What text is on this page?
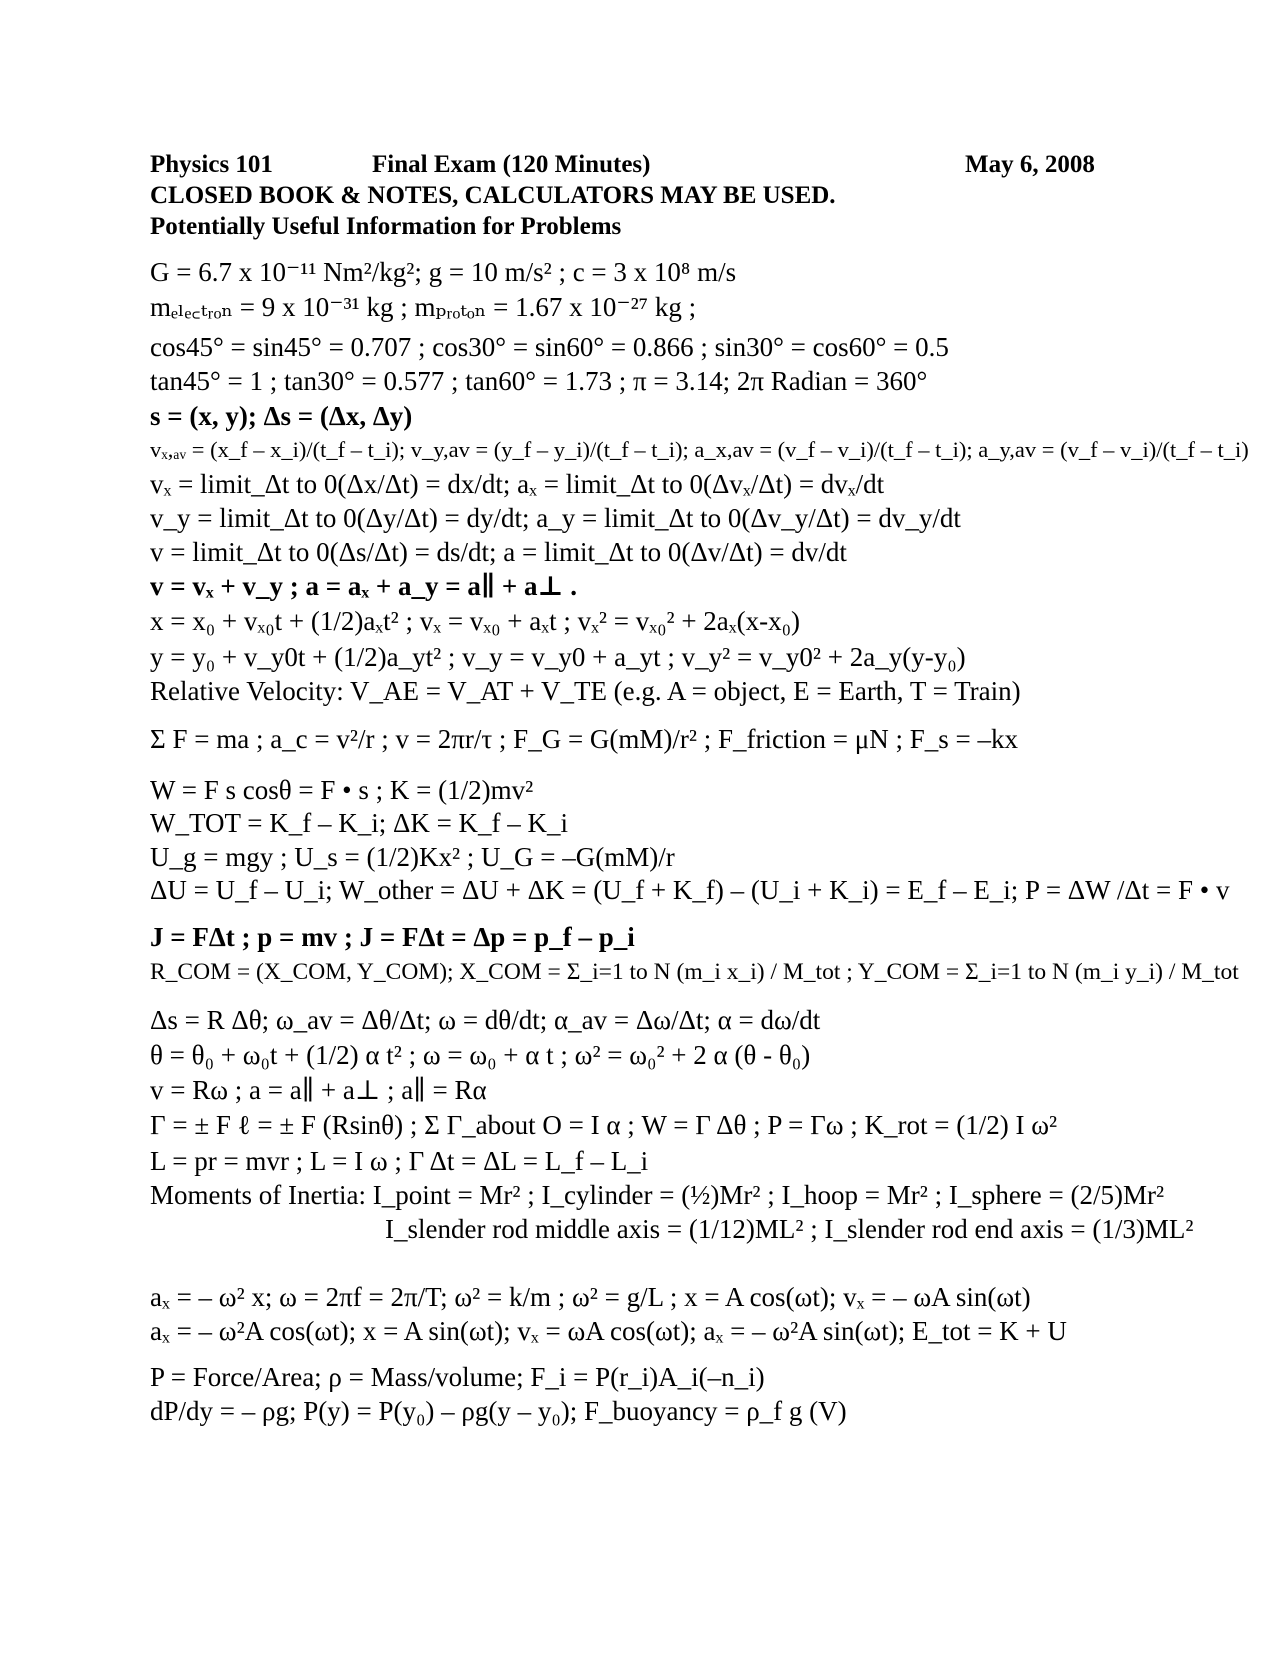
Physics 101	Final Exam (120 Minutes)	May 6, 2008
CLOSED BOOK & NOTES, CALCULATORS MAY BE USED.
Potentially Useful Information for Problems
G = 6.7 x 10⁻¹¹ Nm²/kg²; g = 10 m/s² ; c = 3 x 10⁸ m/s
mₑₗₑ꜀ₜᵣₒₙ = 9 x 10⁻³¹ kg ; mₚᵣₒₜₒₙ = 1.67 x 10⁻²⁷ kg ;
cos45° = sin45° = 0.707 ; cos30° = sin60° = 0.866 ; sin30° = cos60° = 0.5
tan45° = 1 ; tan30° = 0.577 ; tan60° = 1.73 ; π = 3.14; 2π Radian = 360°
s = (x, y); Δs = (Δx, Δy)
vₓ,ₐᵥ = (x_f – x_i)/(t_f – t_i); v_y,av = (y_f – y_i)/(t_f – t_i); a_x,av = (v_f – v_i)/(t_f – t_i); a_y,av = (v_f – v_i)/(t_f – t_i)
vₓ = limit_Δt to 0(Δx/Δt) = dx/dt; aₓ = limit_Δt to 0(Δvₓ/Δt) = dvₓ/dt
v_y = limit_Δt to 0(Δy/Δt) = dy/dt; a_y = limit_Δt to 0(Δv_y/Δt) = dv_y/dt
v = limit_Δt to 0(Δs/Δt) = ds/dt; a = limit_Δt to 0(Δv/Δt) = dv/dt
v = vₓ + v_y ; a = aₓ + a_y = a∥ + a⊥ .
x = x₀ + vₓ₀t + (1/2)aₓt² ; vₓ = vₓ₀ + aₓt ; vₓ² = vₓ₀² + 2aₓ(x-x₀)
y = y₀ + v_y0t + (1/2)a_yt² ; v_y = v_y0 + a_yt ; v_y² = v_y0² + 2a_y(y-y₀)
Relative Velocity: V_AE = V_AT + V_TE (e.g. A = object, E = Earth, T = Train)
Σ F = ma ; a_c = v²/r ; v = 2πr/τ ; F_G = G(mM)/r² ; F_friction = μN ; F_s = –kx
W = F s cosθ = F • s ; K = (1/2)mv²
W_TOT = K_f – K_i; ΔK = K_f – K_i
U_g = mgy ; U_s = (1/2)Kx² ; U_G = –G(mM)/r
ΔU = U_f – U_i; W_other = ΔU + ΔK = (U_f + K_f) – (U_i + K_i) = E_f – E_i; P = ΔW /Δt = F • v
J = FΔt ; p = mv ; J = FΔt = Δp = p_f – p_i
R_COM = (X_COM, Y_COM); X_COM = Σ_i=1 to N (m_i x_i) / M_tot ; Y_COM = Σ_i=1 to N (m_i y_i) / M_tot
Δs = R Δθ; ω_av = Δθ/Δt; ω = dθ/dt; α_av = Δω/Δt; α = dω/dt
θ = θ₀ + ω₀t + (1/2) α t² ; ω = ω₀ + α t ; ω² = ω₀² + 2 α (θ - θ₀)
v = Rω ; a = a∥ + a⊥ ; a∥ = Rα
Γ = ± F ℓ = ± F (Rsinθ) ; Σ Γ_about O = I α ; W = Γ Δθ ; P = Γω ; K_rot = (1/2) I ω²
L = pr = mvr ; L = I ω ; Γ Δt = ΔL = L_f – L_i
Moments of Inertia: I_point = Mr² ; I_cylinder = (½)Mr² ; I_hoop = Mr² ; I_sphere = (2/5)Mr²
I_slender rod middle axis = (1/12)ML² ; I_slender rod end axis = (1/3)ML²
aₓ = – ω² x; ω = 2πf = 2π/T; ω² = k/m ; ω² = g/L ; x = A cos(ωt); vₓ = – ωA sin(ωt)
aₓ = – ω²A cos(ωt); x = A sin(ωt); vₓ = ωA cos(ωt); aₓ = – ω²A sin(ωt); E_tot = K + U
P = Force/Area; ρ = Mass/volume; F_i = P(r_i)A_i(–n_i)
dP/dy = – ρg; P(y) = P(y₀) – ρg(y – y₀); F_buoyancy = ρ_f g (V)
